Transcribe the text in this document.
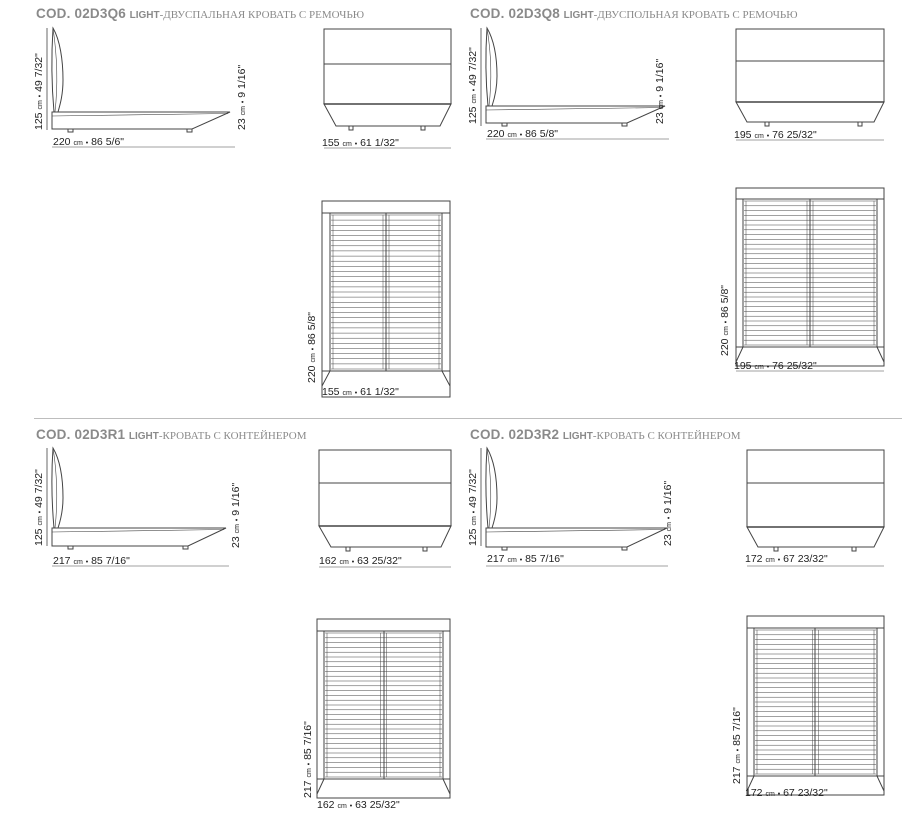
COD. 02D3Q6 LIGHT-ДВУСПАЛЬНАЯ КРОВАТЬ С РЕМОЧЬЮ
125 cm • 49 7/32"
23 cm • 9 1/16"
220 cm • 86 5/6"	155 cm • 61 1/32"
220 cm • 86 5/8"
155 cm • 61 1/32"
COD. 02D3Q8 LIGHT-ДВУСПОЛЬНАЯ КРОВАТЬ С РЕМОЧЬЮ
125 cm • 49 7/32"
23 cm • 9 1/16"
220 cm • 86 5/8"	195 cm • 76 25/32"
220 cm • 86 5/8"
195 cm • 76 25/32"
COD. 02D3R1 LIGHT-КРОВАТЬ С КОНТЕЙНЕРОМ
125 cm • 49 7/32"
23 cm • 9 1/16"
217 cm • 85 7/16"	162 cm • 63 25/32"
217 cm • 85 7/16"
162 cm • 63 25/32"
COD. 02D3R2 LIGHT-КРОВАТЬ С КОНТЕЙНЕРОМ
125 cm • 49 7/32"
23 cm • 9 1/16"
217 cm • 85 7/16"	172 cm • 67 23/32"
217 cm • 85 7/16"
172 cm • 67 23/32"
